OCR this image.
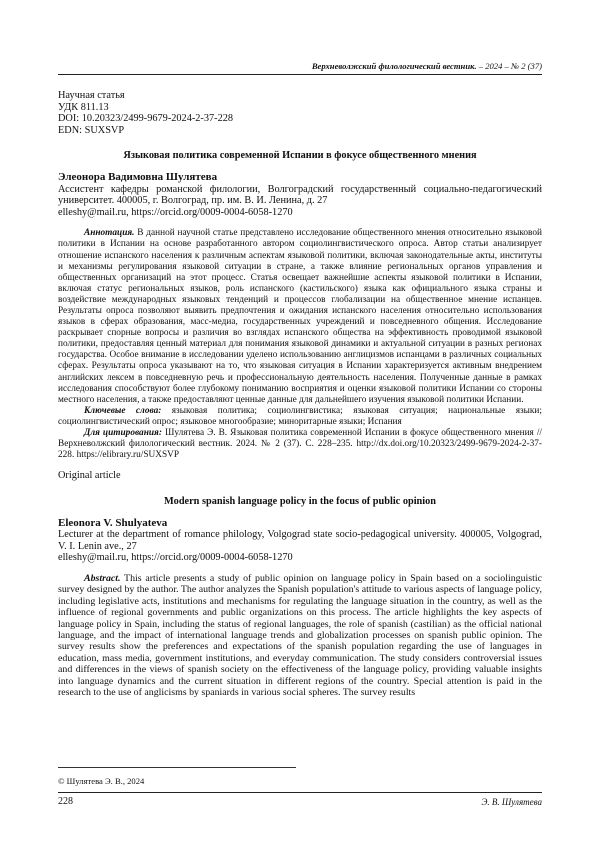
Верхневолжский филологический вестник. – 2024 – № 2 (37)
Научная статья
УДК 811.13
DOI: 10.20323/2499-9679-2024-2-37-228
EDN: SUXSVP
Языковая политика современной Испании в фокусе общественного мнения
Элеонора Вадимовна Шулятева
Ассистент кафедры романской филологии, Волгоградский государственный социально-педагогический университет. 400005, г. Волгоград, пр. им. В. И. Ленина, д. 27
elleshy@mail.ru, https://orcid.org/0009-0004-6058-1270

Аннотация. В данной научной статье представлено исследование общественного мнения относительно языковой политики в Испании на основе разработанного автором социолингвистического опроса. Автор статьи анализирует отношение испанского населения к различным аспектам языковой политики, включая законодательные акты, институты и механизмы регулирования языковой ситуации в стране, а также влияние региональных органов управления и общественных организаций на этот процесс. Статья освещает важнейшие аспекты языковой политики в Испании, включая статус региональных языков, роль испанского (кастильского) языка как официального языка страны и воздействие международных языковых тенденций и процессов глобализации на общественное мнение испанцев. Результаты опроса позволяют выявить предпочтения и ожидания испанского населения относительно использования языков в сферах образования, масс-медиа, государственных учреждений и повседневного общения. Исследование раскрывает спорные вопросы и различия во взглядах испанского общества на эффективность проводимой языковой политики, предоставляя ценный материал для понимания языковой динамики и актуальной ситуации в разных регионах государства. Особое внимание в исследовании уделено использованию англицизмов испанцами в различных социальных сферах. Результаты опроса указывают на то, что языковая ситуация в Испании характеризуется активным внедрением английских лексем в повседневную речь и профессиональную деятельность населения. Полученные данные в рамках исследования способствуют более глубокому пониманию восприятия и оценки языковой политики Испании со стороны местного населения, а также предоставляют ценные данные для дальнейшего изучения языковой политики Испании.

Ключевые слова: языковая политика; социолингвистика; языковая ситуация; национальные языки; социолингвистический опрос; языковое многообразие; миноритарные языки; Испания

Для цитирования: Шулятева Э. В. Языковая политика современной Испании в фокусе общественного мнения // Верхневолжский филологический вестник. 2024. № 2 (37). С. 228–235. http://dx.doi.org/10.20323/2499-9679-2024-2-37-228. https://elibrary.ru/SUXSVP

Original article
Modern spanish language policy in the focus of public opinion
Eleonora V. Shulyateva
Lecturer at the department of romance philology, Volgograd state socio-pedagogical university. 400005, Volgograd, V. I. Lenin ave., 27
elleshy@mail.ru, https://orcid.org/0009-0004-6058-1270

Abstract. This article presents a study of public opinion on language policy in Spain based on a sociolinguistic survey designed by the author. The author analyzes the Spanish population's attitude to various aspects of language policy, including legislative acts, institutions and mechanisms for regulating the language situation in the country, as well as the influence of regional governments and public organizations on this process. The article highlights the key aspects of language policy in Spain, including the status of regional languages, the role of spanish (castilian) as the official national language, and the impact of international language trends and globalization processes on spanish public opinion. The survey results show the preferences and expectations of the spanish population regarding the use of languages in education, mass media, government institutions, and everyday communication. The study considers controversial issues and differences in the views of spanish society on the effectiveness of the language policy, providing valuable insights into language dynamics and the current situation in different regions of the country. Special attention is paid in the research to the use of anglicisms by spaniards in various social spheres. The survey results

© Шулятева Э. В., 2024
228	Э. В. Шулятева
